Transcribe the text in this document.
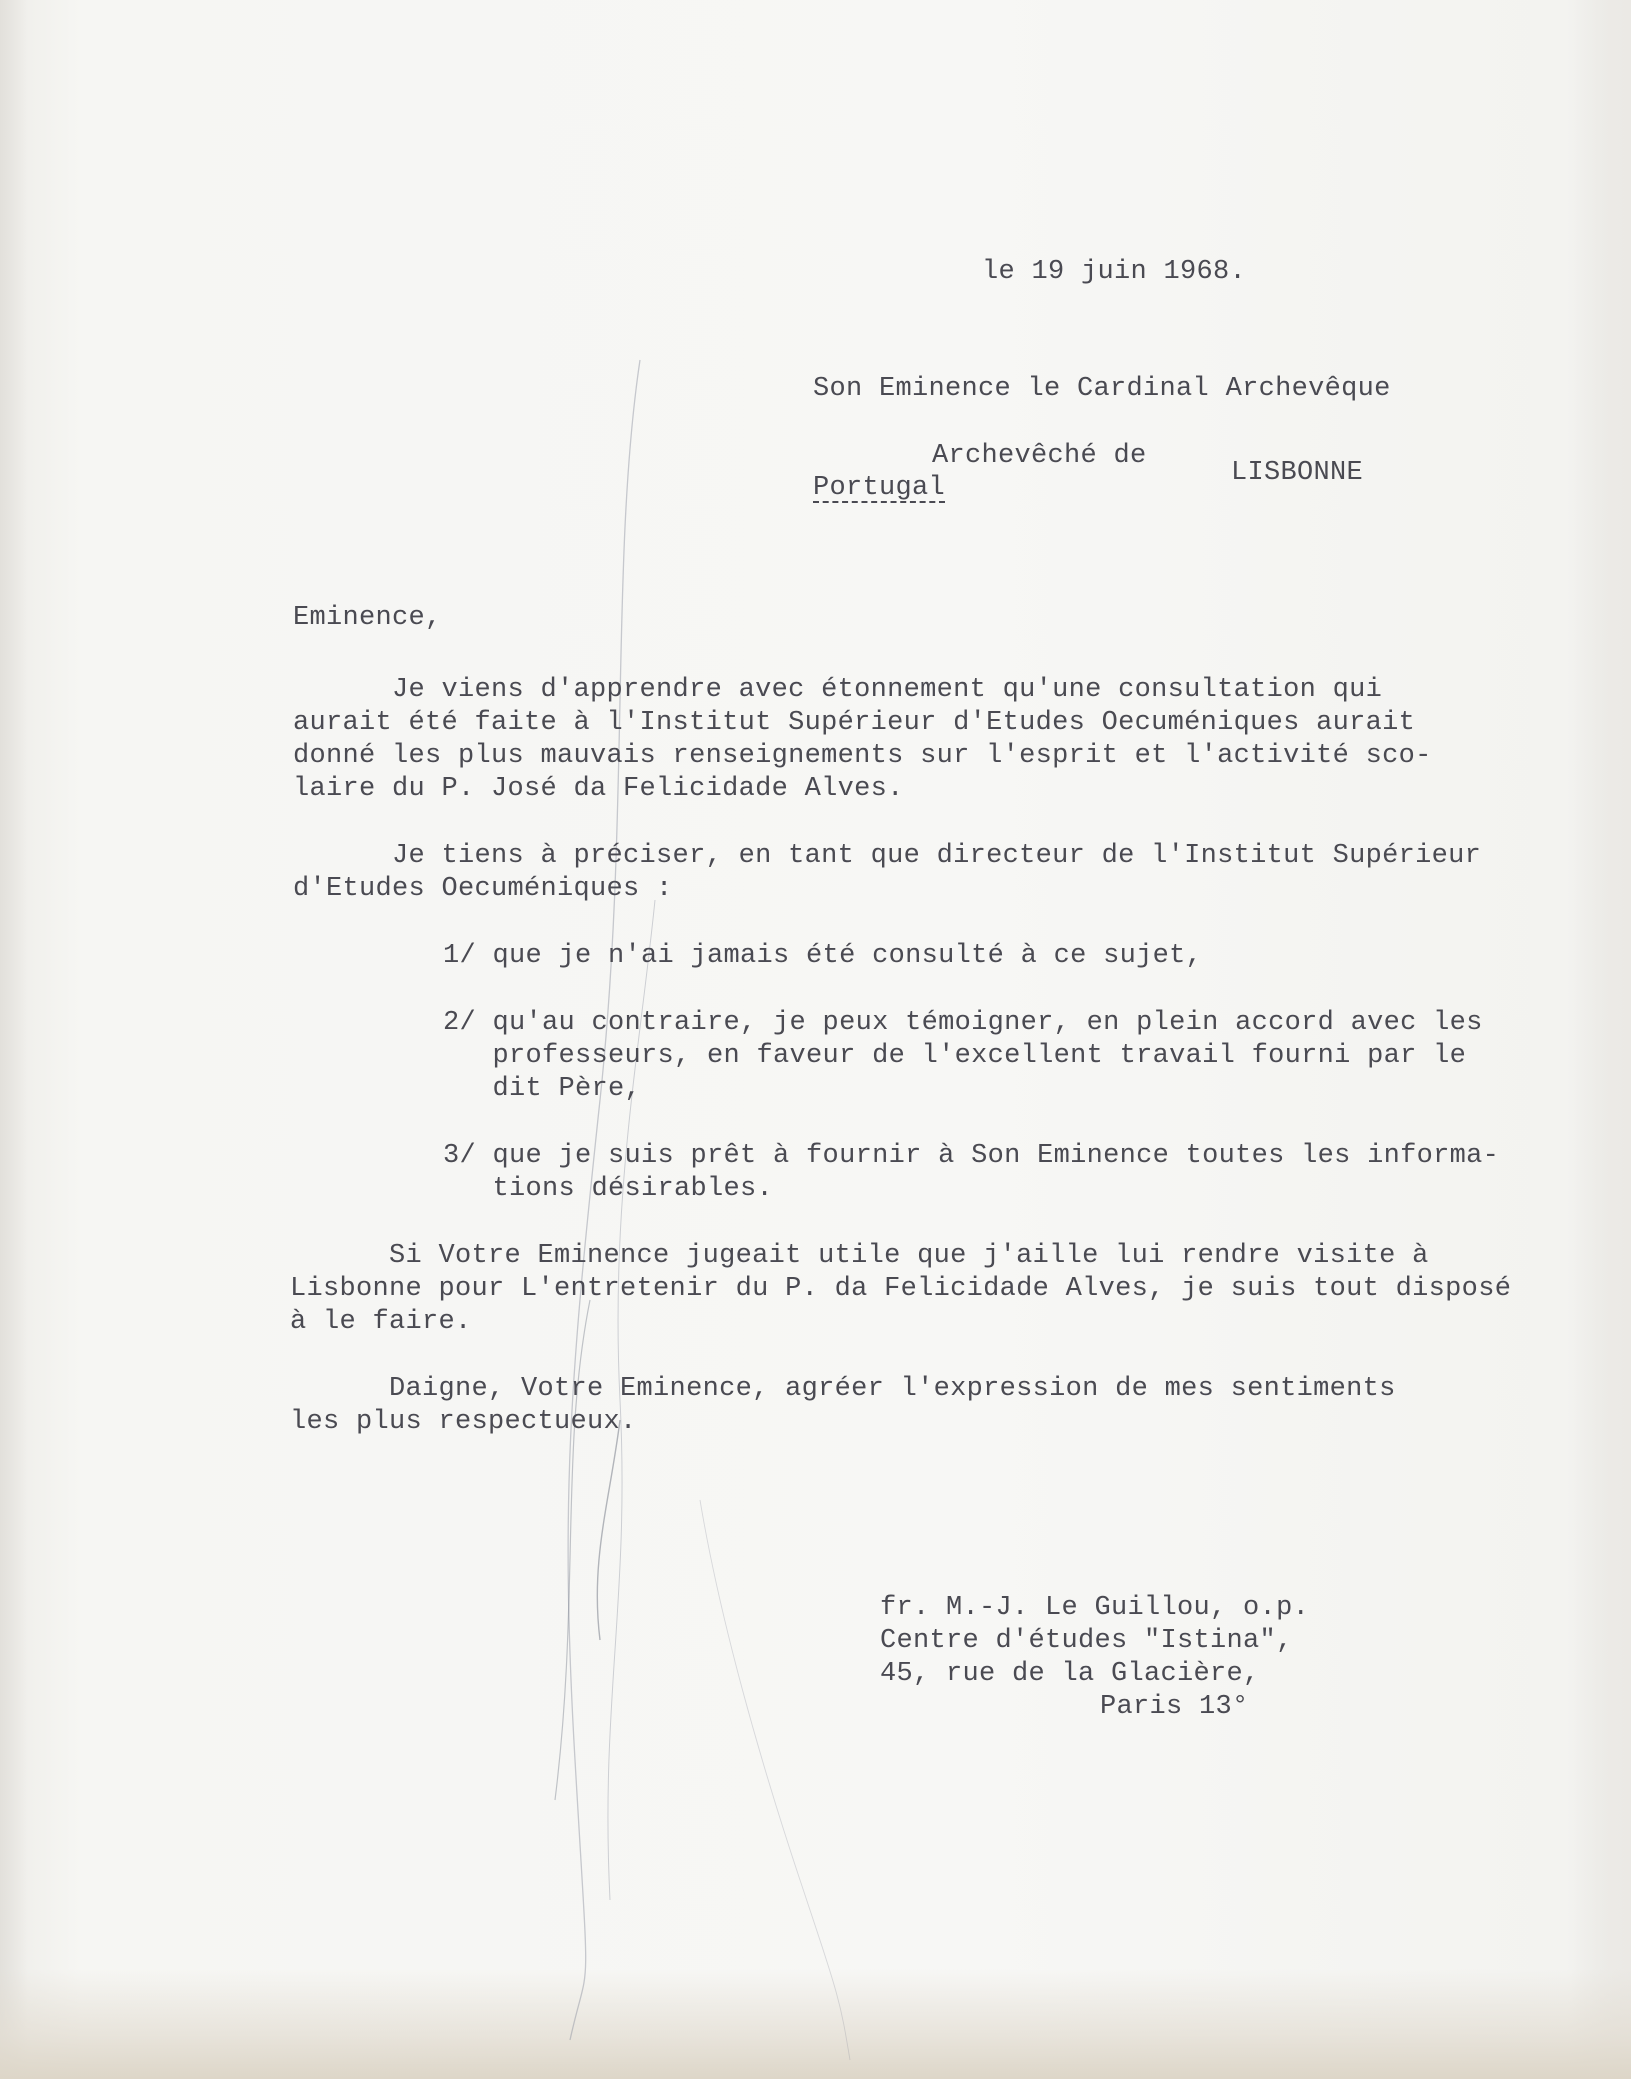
le 19 juin 1968.
Son Eminence le Cardinal Archevêque
Archevêché de
LISBONNE
Portugal
Eminence,
Je viens d'apprendre avec étonnement qu'une consultation qui
aurait été faite à l'Institut Supérieur d'Etudes Oecuméniques aurait
donné les plus mauvais renseignements sur l'esprit et l'activité sco-
laire du P. José da Felicidade Alves.
Je tiens à préciser, en tant que directeur de l'Institut Supérieur
d'Etudes Oecuméniques :
1/ que je n'ai jamais été consulté à ce sujet,
2/ qu'au contraire, je peux témoigner, en plein accord avec les
professeurs, en faveur de l'excellent travail fourni par le
dit Père,
3/ que je suis prêt à fournir à Son Eminence toutes les informa-
tions désirables.
Si Votre Eminence jugeait utile que j'aille lui rendre visite à
Lisbonne pour L'entretenir du P. da Felicidade Alves, je suis tout disposé
à le faire.
Daigne, Votre Eminence, agréer l'expression de mes sentiments
les plus respectueux.
fr. M.-J. Le Guillou, o.p.
Centre d'études "Istina",
45, rue de la Glacière,
Paris 13°
